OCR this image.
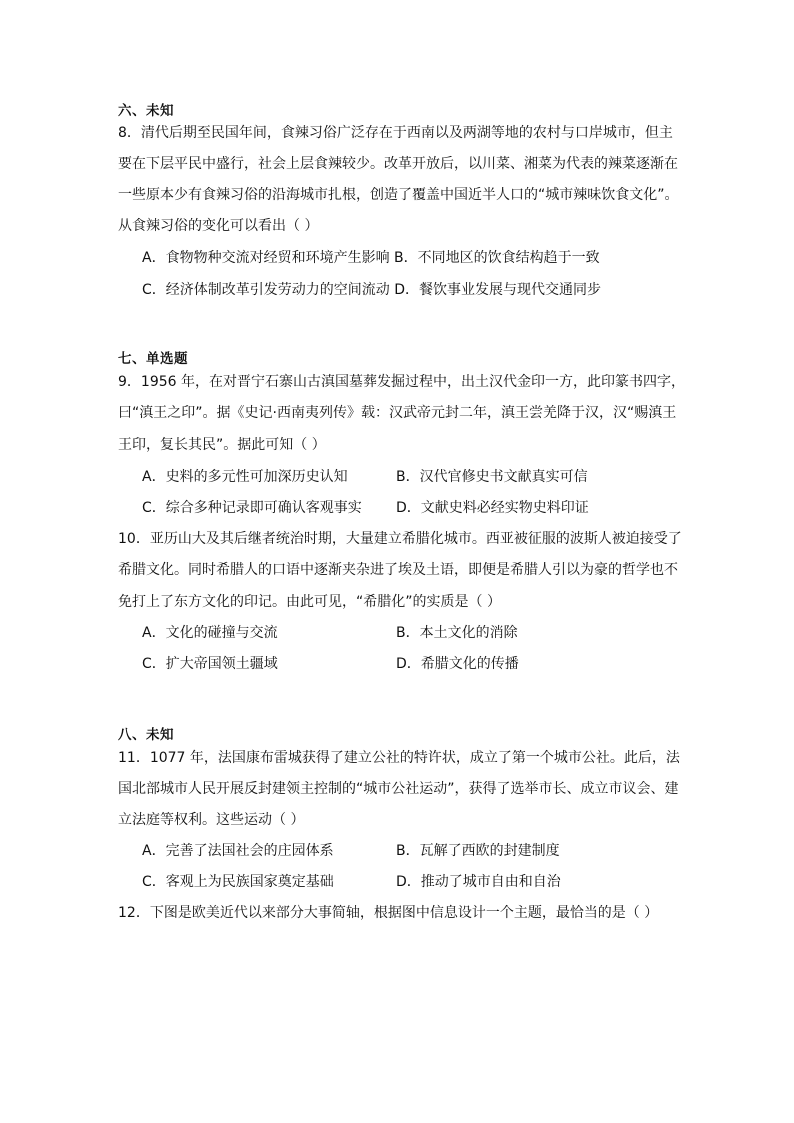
六、未知
8．清代后期至民国年间，食辣习俗广泛存在于西南以及两湖等地的农村与口岸城市，但主
要在下层平民中盛行，社会上层食辣较少。改革开放后，以川菜、湘菜为代表的辣菜逐渐在
一些原本少有食辣习俗的沿海城市扎根，创造了覆盖中国近半人口的“城市辣味饮食文化”。
从食辣习俗的变化可以看出（ ）
A．食物物种交流对经贸和环境产生影响 B．不同地区的饮食结构趋于一致
C．经济体制改革引发劳动力的空间流动 D．餐饮事业发展与现代交通同步
七、单选题
9．1956 年，在对晋宁石寨山古滇国墓葬发掘过程中，出土汉代金印一方，此印篆书四字，
曰“滇王之印”。据《史记·西南夷列传》载：汉武帝元封二年，滇王尝羌降于汉，汉“赐滇王
王印，复长其民”。据此可知（ ）
A．史料的多元性可加深历史认知	B．汉代官修史书文献真实可信
C．综合多种记录即可确认客观事实 D．文献史料必经实物史料印证
10．亚历山大及其后继者统治时期，大量建立希腊化城市。西亚被征服的波斯人被迫接受了
希腊文化。同时希腊人的口语中逐渐夹杂进了埃及土语，即便是希腊人引以为豪的哲学也不
免打上了东方文化的印记。由此可见，“希腊化”的实质是（ ）
A．文化的碰撞与交流	B．本土文化的消除
C．扩大帝国领土疆域	D．希腊文化的传播
八、未知
11．1077 年，法国康布雷城获得了建立公社的特许状，成立了第一个城市公社。此后，法
国北部城市人民开展反封建领主控制的“城市公社运动”，获得了选举市长、成立市议会、建
立法庭等权利。这些运动（ ）
A．完善了法国社会的庄园体系	B．瓦解了西欧的封建制度
C．客观上为民族国家奠定基础	D．推动了城市自由和自治
12．下图是欧美近代以来部分大事简轴，根据图中信息设计一个主题，最恰当的是（ ）
